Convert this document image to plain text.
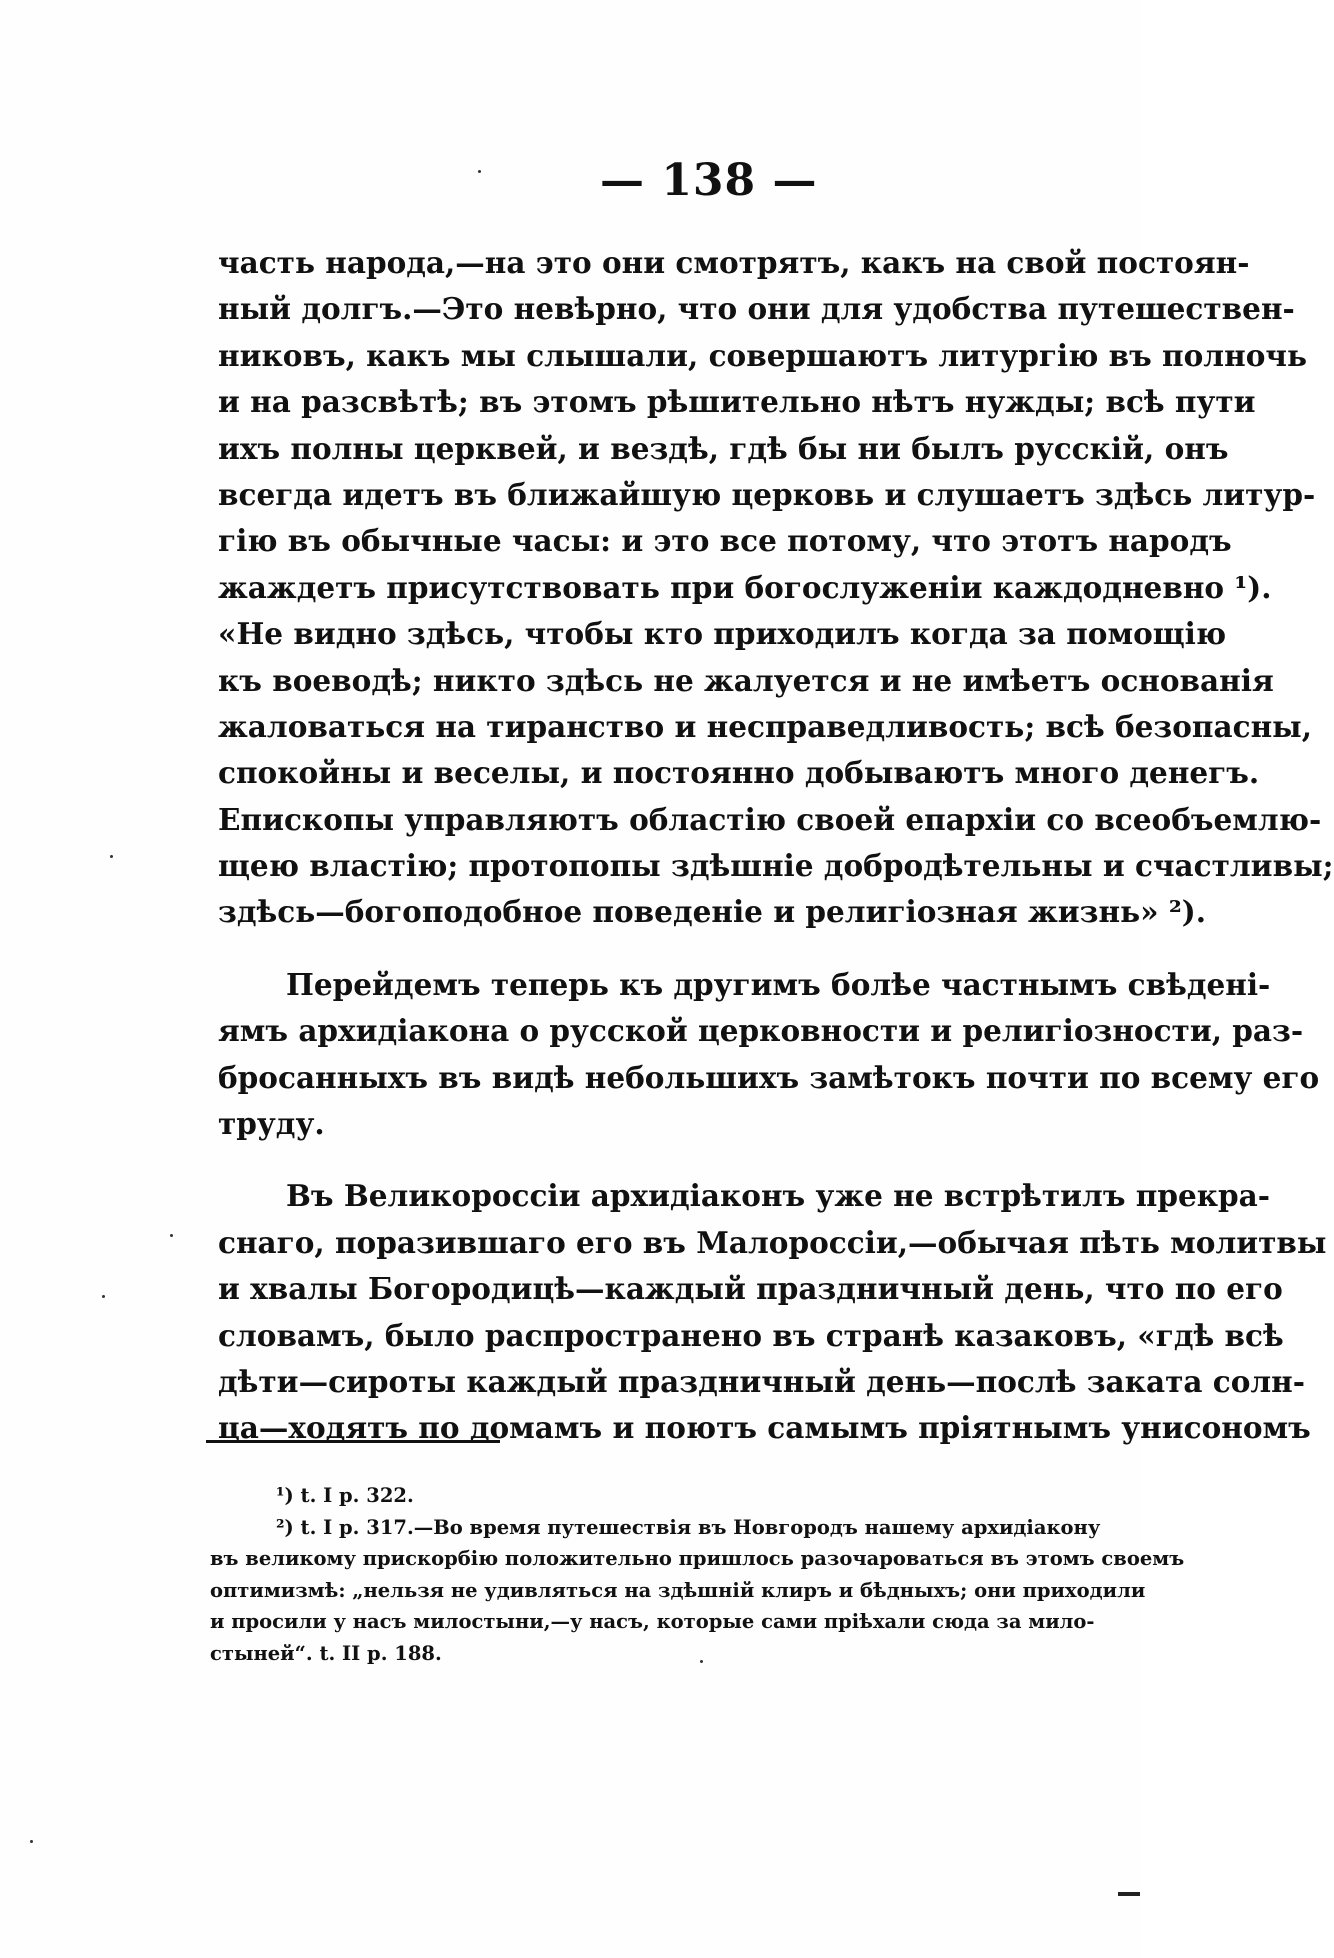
— 138 —
часть народа,—на это они смотрятъ, какъ на свой постоян-
ный долгъ.—Это невѣрно, что они для удобства путешествен-
никовъ, какъ мы слышали, совершаютъ литургію въ полночь
и на разсвѣтѣ; въ этомъ рѣшительно нѣтъ нужды; всѣ пути
ихъ полны церквей, и вездѣ, гдѣ бы ни былъ русскій, онъ
всегда идетъ въ ближайшую церковь и слушаетъ здѣсь литур-
гію въ обычные часы: и это все потому, что этотъ народъ
жаждетъ присутствовать при богослуженіи каждодневно ¹).
«Не видно здѣсь, чтобы кто приходилъ когда за помощію
къ воеводѣ; никто здѣсь не жалуется и не имѣетъ основанія
жаловаться на тиранство и несправедливость; всѣ безопасны,
спокойны и веселы, и постоянно добываютъ много денегъ.
Епископы управляютъ областію своей епархіи со всеобъемлю-
щею властію; протопопы здѣшніе добродѣтельны и счастливы;
здѣсь—богоподобное поведеніе и религіозная жизнь» ²).
Перейдемъ теперь къ другимъ болѣе частнымъ свѣдені-
ямъ архидіакона о русской церковности и религіозности, раз-
бросанныхъ въ видѣ небольшихъ замѣтокъ почти по всему его
труду.
Въ Великороссіи архидіаконъ уже не встрѣтилъ прекра-
снаго, поразившаго его въ Малороссіи,—обычая пѣть молитвы
и хвалы Богородицѣ—каждый праздничный день, что по его
словамъ, было распространено въ странѣ казаковъ, «гдѣ всѣ
дѣти—сироты каждый праздничный день—послѣ заката солн-
ца—ходятъ по домамъ и поютъ самымъ пріятнымъ унисономъ
¹) t. I p. 322.
²) t. I p. 317.—Во время путешествія въ Новгородъ нашему архидіакону
въ великому прискорбію положительно пришлось разочароваться въ этомъ своемъ
оптимизмѣ: „нельзя не удивляться на здѣшній клиръ и бѣдныхъ; они приходили
и просили у насъ милостыни,—у насъ, которые сами пріѣхали сюда за мило-
стыней“. t. II p. 188.
